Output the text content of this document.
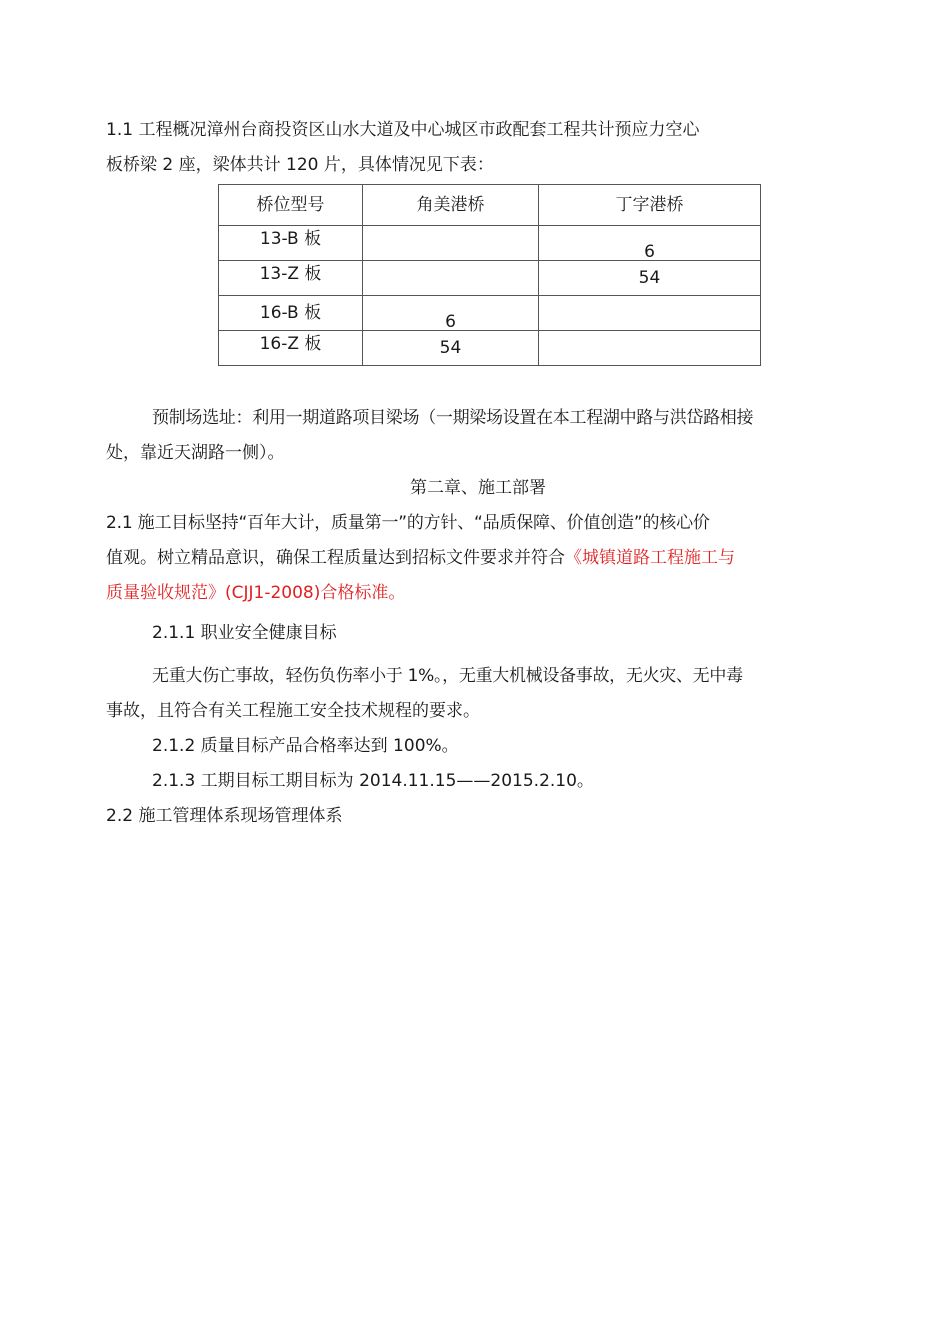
1.1 工程概况漳州台商投资区山水大道及中心城区市政配套工程共计预应力空心
板桥梁 2 座，梁体共计 120 片，具体情况见下表：
桥位型号	角美港桥	丁字港桥
13-B 板		6
13-Z 板		54
16-B 板	6	
16-Z 板	54	
预制场选址：利用一期道路项目梁场（一期梁场设置在本工程湖中路与洪岱路相接
处，靠近天湖路一侧）。
第二章、施工部署
2.1 施工目标坚持“百年大计，质量第一”的方针、“品质保障、价值创造”的核心价
值观。树立精品意识，确保工程质量达到招标文件要求并符合《城镇道路工程施工与
质量验收规范》(CJJ1-2008)合格标准。
2.1.1 职业安全健康目标
无重大伤亡事故，轻伤负伤率小于 1%。，无重大机械设备事故，无火灾、无中毒
事故，且符合有关工程施工安全技术规程的要求。
2.1.2 质量目标产品合格率达到 100%。
2.1.3 工期目标工期目标为 2014.11.15——2015.2.10。
2.2 施工管理体系现场管理体系
